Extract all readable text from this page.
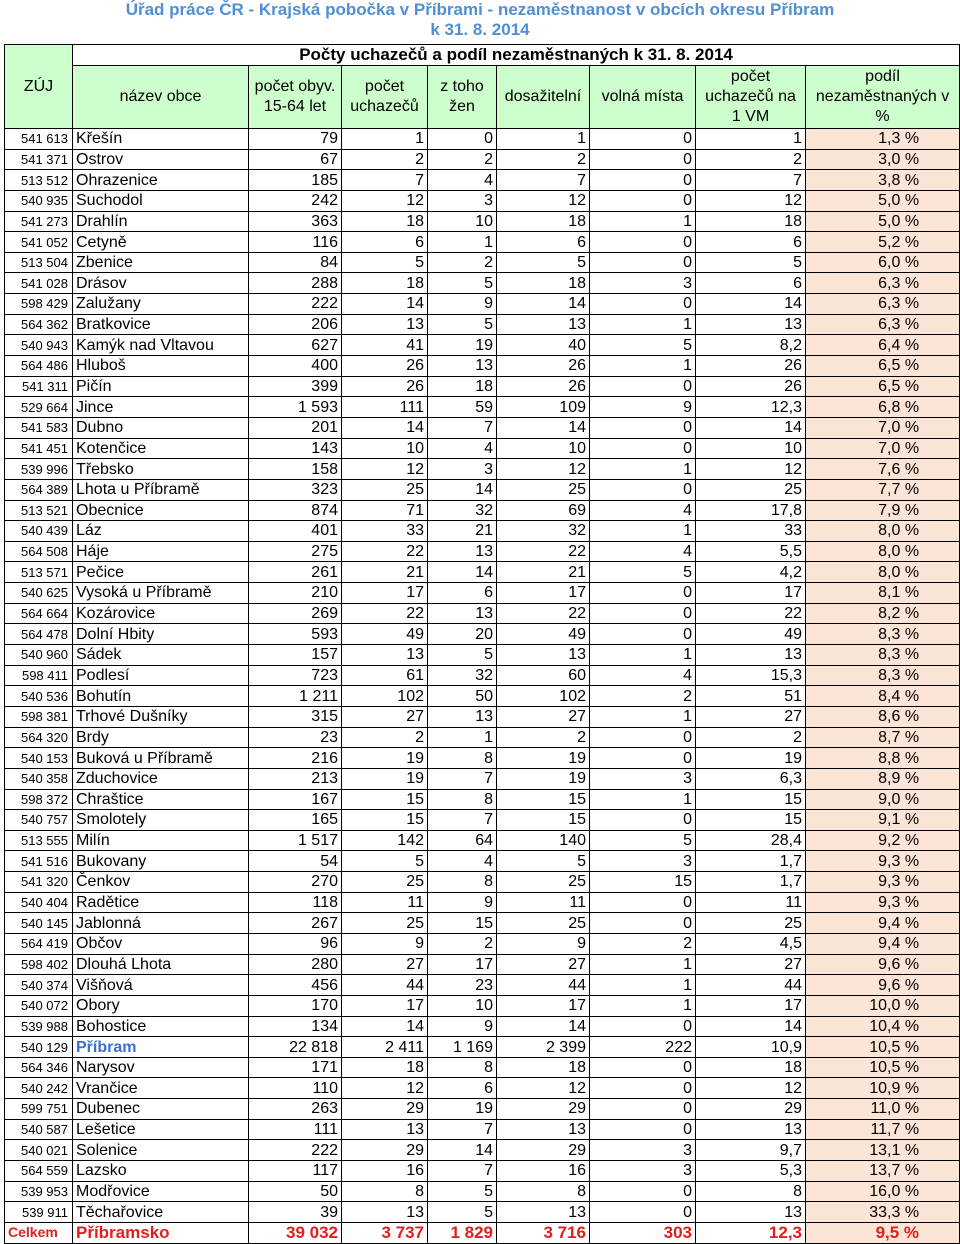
Úřad práce ČR - Krajská pobočka v Příbrami - nezaměstnanost v obcích okresu Příbram
k 31. 8. 2014
ZÚJ	Počty uchazečů a podíl nezaměstnaných k 31. 8. 2014							
	název obce	počet obyv. 15-64 let	počet uchazečů	z toho žen	dosažitelní	volná místa	počet uchazečů na 1 VM	podíl nezaměstnaných v %
541 613	Křešín	79	1	0	1	0	1	1,3 %
541 371	Ostrov	67	2	2	2	0	2	3,0 %
513 512	Ohrazenice	185	7	4	7	0	7	3,8 %
540 935	Suchodol	242	12	3	12	0	12	5,0 %
541 273	Drahlín	363	18	10	18	1	18	5,0 %
541 052	Cetyně	116	6	1	6	0	6	5,2 %
513 504	Zbenice	84	5	2	5	0	5	6,0 %
541 028	Drásov	288	18	5	18	3	6	6,3 %
598 429	Zalužany	222	14	9	14	0	14	6,3 %
564 362	Bratkovice	206	13	5	13	1	13	6,3 %
540 943	Kamýk nad Vltavou	627	41	19	40	5	8,2	6,4 %
564 486	Hluboš	400	26	13	26	1	26	6,5 %
541 311	Pičín	399	26	18	26	0	26	6,5 %
529 664	Jince	1 593	111	59	109	9	12,3	6,8 %
541 583	Dubno	201	14	7	14	0	14	7,0 %
541 451	Kotenčice	143	10	4	10	0	10	7,0 %
539 996	Třebsko	158	12	3	12	1	12	7,6 %
564 389	Lhota u Příbramě	323	25	14	25	0	25	7,7 %
513 521	Obecnice	874	71	32	69	4	17,8	7,9 %
540 439	Láz	401	33	21	32	1	33	8,0 %
564 508	Háje	275	22	13	22	4	5,5	8,0 %
513 571	Pečice	261	21	14	21	5	4,2	8,0 %
540 625	Vysoká u Příbramě	210	17	6	17	0	17	8,1 %
564 664	Kozárovice	269	22	13	22	0	22	8,2 %
564 478	Dolní Hbity	593	49	20	49	0	49	8,3 %
540 960	Sádek	157	13	5	13	1	13	8,3 %
598 411	Podlesí	723	61	32	60	4	15,3	8,3 %
540 536	Bohutín	1 211	102	50	102	2	51	8,4 %
598 381	Trhové Dušníky	315	27	13	27	1	27	8,6 %
564 320	Brdy	23	2	1	2	0	2	8,7 %
540 153	Buková u Příbramě	216	19	8	19	0	19	8,8 %
540 358	Zduchovice	213	19	7	19	3	6,3	8,9 %
598 372	Chraštice	167	15	8	15	1	15	9,0 %
540 757	Smolotely	165	15	7	15	0	15	9,1 %
513 555	Milín	1 517	142	64	140	5	28,4	9,2 %
541 516	Bukovany	54	5	4	5	3	1,7	9,3 %
541 320	Čenkov	270	25	8	25	15	1,7	9,3 %
540 404	Radětice	118	11	9	11	0	11	9,3 %
540 145	Jablonná	267	25	15	25	0	25	9,4 %
564 419	Občov	96	9	2	9	2	4,5	9,4 %
598 402	Dlouhá Lhota	280	27	17	27	1	27	9,6 %
540 374	Višňová	456	44	23	44	1	44	9,6 %
540 072	Obory	170	17	10	17	1	17	10,0 %
539 988	Bohostice	134	14	9	14	0	14	10,4 %
540 129	Příbram	22 818	2 411	1 169	2 399	222	10,9	10,5 %
564 346	Narysov	171	18	8	18	0	18	10,5 %
540 242	Vrančice	110	12	6	12	0	12	10,9 %
599 751	Dubenec	263	29	19	29	0	29	11,0 %
540 587	Lešetice	111	13	7	13	0	13	11,7 %
540 021	Solenice	222	29	14	29	3	9,7	13,1 %
564 559	Lazsko	117	16	7	16	3	5,3	13,7 %
539 953	Modřovice	50	8	5	8	0	8	16,0 %
539 911	Těchařovice	39	13	5	13	0	13	33,3 %
Celkem	Příbramsko	39 032	3 737	1 829	3 716	303	12,3	9,5 %
